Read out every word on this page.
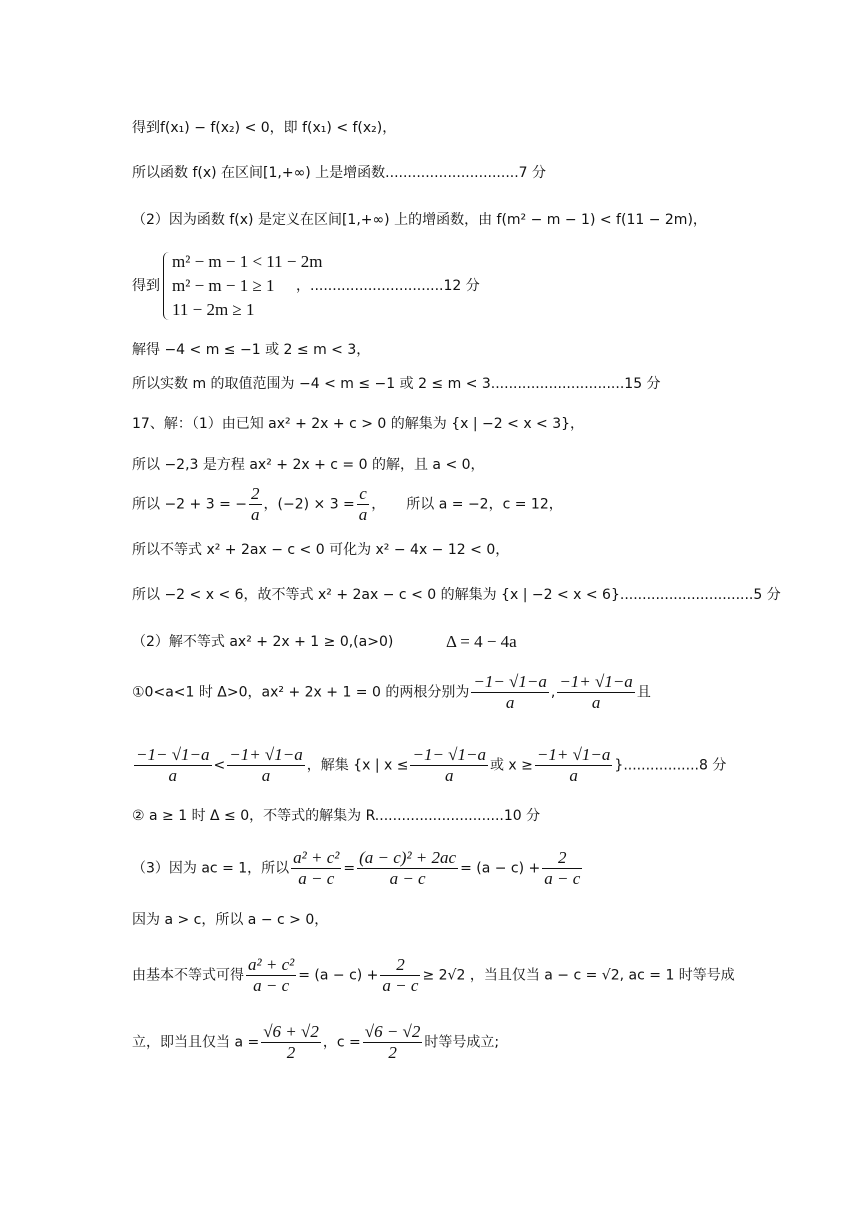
得到f(x₁) − f(x₂) < 0，即 f(x₁) < f(x₂)，
所以函数 f(x) 在区间[1,+∞) 上是增函数..............................7 分
（2）因为函数 f(x) 是定义在区间[1,+∞) 上的增函数，由 f(m² − m − 1) < f(11 − 2m)，
得到
m² − m − 1 < 11 − 2m
m² − m − 1 ≥ 1
11 − 2m ≥ 1
，..............................12 分
解得 −4 < m ≤ −1 或 2 ≤ m < 3，
所以实数 m 的取值范围为 −4 < m ≤ −1 或 2 ≤ m < 3..............................15 分
17、解：（1）由已知 ax² + 2x + c > 0 的解集为 {x | −2 < x < 3}，
所以 −2,3 是方程 ax² + 2x + c = 0 的解，且 a < 0，
所以 −2 + 3 = − $\frac{2}{a}$ ，$(-2) \times 3 = \frac{c}{a}$ ，　　所以 a = −2，c = 12，
所以不等式 x² + 2ax − c < 0 可化为 x² − 4x − 12 < 0，
所以 −2 < x < 6，故不等式 x² + 2ax − c < 0 的解集为 {x | −2 < x < 6}..............................5 分
（2）解不等式 ax² + 2x + 1 ≥ 0,(a>0)	Δ = 4 − 4a
①0<a<1 时 Δ>0，ax² + 2x + 1 = 0 的两根分别为 $\frac{-1- √1-a}{a}$ , $\frac{-1+ √1-a}{a}$ 且
$\frac{-1- √1-a}{a} < \frac{-1+ √1-a}{a}$ ，解集 {x | $x \le \frac{-1- √1-a}{a}$ 或 $x \ge \frac{-1+ √1-a}{a} \}.................8$ 分
② a ≥ 1 时 Δ ≤ 0，不等式的解集为 R.............................10 分
（3）因为 ac = 1，所以 $\frac{\text{a² + c²}}{a - c} = \frac{\text{(a − c)² + 2ac}}{a - c} = (a - c) + \frac{2}{a - c}$
因为 a > c，所以 a − c > 0，
由基本不等式可得 $\frac{\text{a² + c²}}{a - c} = (a - c) + \frac{2}{a - c} \ge 2√2$ ，当且仅当 a − c = √2, ac = 1 时等号成
立，即当且仅当 $a = \frac{√6 + √2}{2}$ ，$c = \frac{√6 - √2}{2}$ 时等号成立;
